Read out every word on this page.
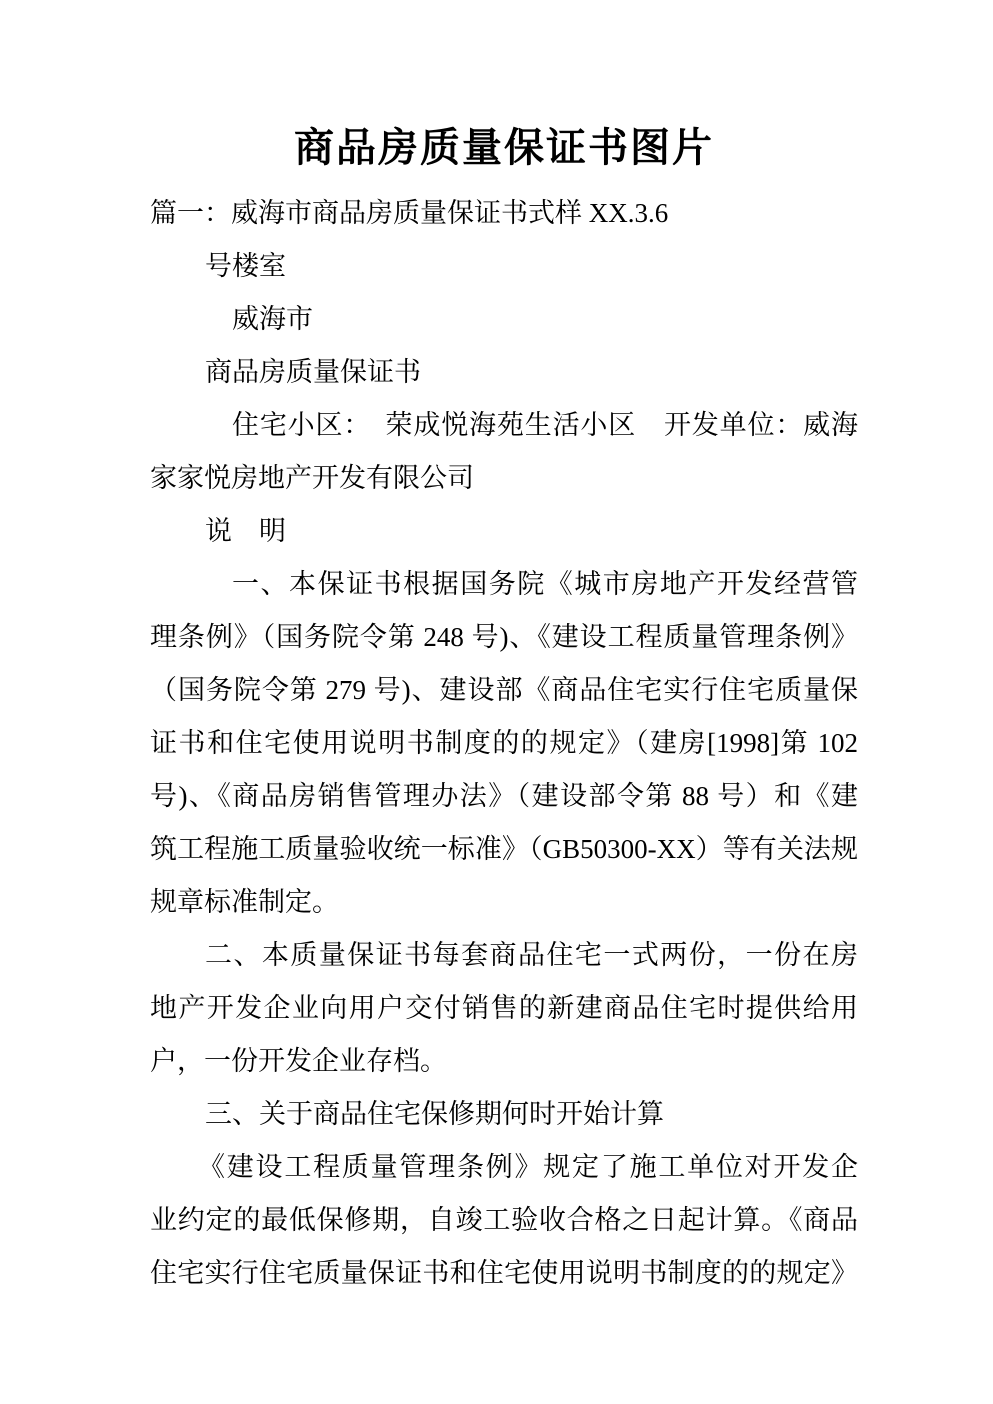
商品房质量保证书图片
篇一：威海市商品房质量保证书式样 XX.3.6
号楼室
威海市
商品房质量保证书
住宅小区：　荣成悦海苑生活小区　开发单位：威海
家家悦房地产开发有限公司
说　明
一、本保证书根据国务院《城市房地产开发经营管
理条例》（国务院令第 248 号)、《建设工程质量管理条例》
（国务院令第 279 号)、建设部《商品住宅实行住宅质量保
证书和住宅使用说明书制度的的规定》（建房[1998]第 102
号)、《商品房销售管理办法》（建设部令第 88 号）和《建
筑工程施工质量验收统一标准》（GB50300-XX）等有关法规
规章标准制定。
二、本质量保证书每套商品住宅一式两份，一份在房
地产开发企业向用户交付销售的新建商品住宅时提供给用
户，一份开发企业存档。
三、关于商品住宅保修期何时开始计算
《建设工程质量管理条例》规定了施工单位对开发企
业约定的最低保修期，自竣工验收合格之日起计算。《商品
住宅实行住宅质量保证书和住宅使用说明书制度的的规定》
